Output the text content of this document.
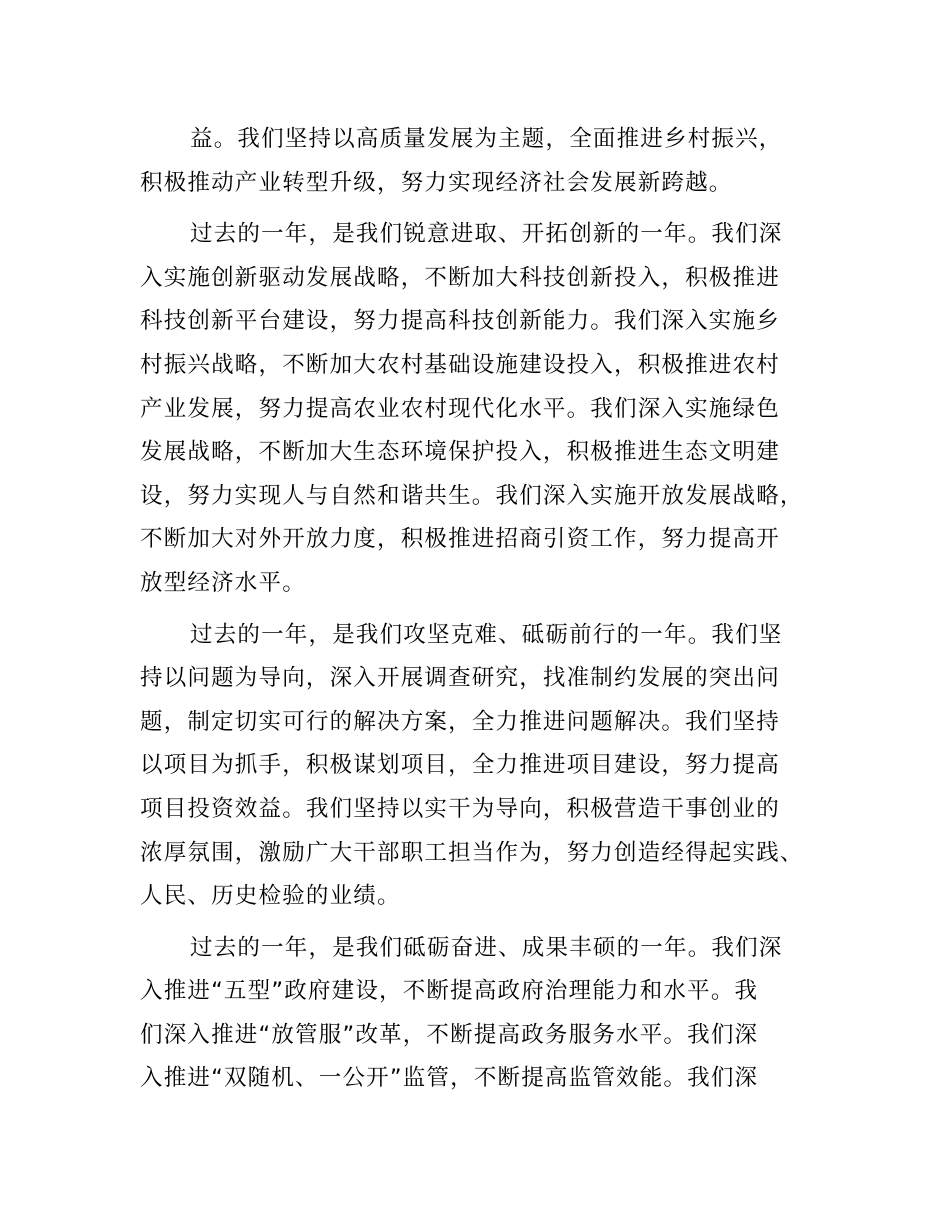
益。我们坚持以高质量发展为主题，全面推进乡村振兴，
积极推动产业转型升级，努力实现经济社会发展新跨越。

过去的一年，是我们锐意进取、开拓创新的一年。我们深
入实施创新驱动发展战略，不断加大科技创新投入，积极推进
科技创新平台建设，努力提高科技创新能力。我们深入实施乡
村振兴战略，不断加大农村基础设施建设投入，积极推进农村
产业发展，努力提高农业农村现代化水平。我们深入实施绿色
发展战略，不断加大生态环境保护投入，积极推进生态文明建
设，努力实现人与自然和谐共生。我们深入实施开放发展战略，
不断加大对外开放力度，积极推进招商引资工作，努力提高开
放型经济水平。

过去的一年，是我们攻坚克难、砥砺前行的一年。我们坚
持以问题为导向，深入开展调查研究，找准制约发展的突出问
题，制定切实可行的解决方案，全力推进问题解决。我们坚持
以项目为抓手，积极谋划项目，全力推进项目建设，努力提高
项目投资效益。我们坚持以实干为导向，积极营造干事创业的
浓厚氛围，激励广大干部职工担当作为，努力创造经得起实践、
人民、历史检验的业绩。

过去的一年，是我们砥砺奋进、成果丰硕的一年。我们深
入推进“五型”政府建设，不断提高政府治理能力和水平。我
们深入推进“放管服”改革，不断提高政务服务水平。我们深
入推进“双随机、一公开”监管，不断提高监管效能。我们深
